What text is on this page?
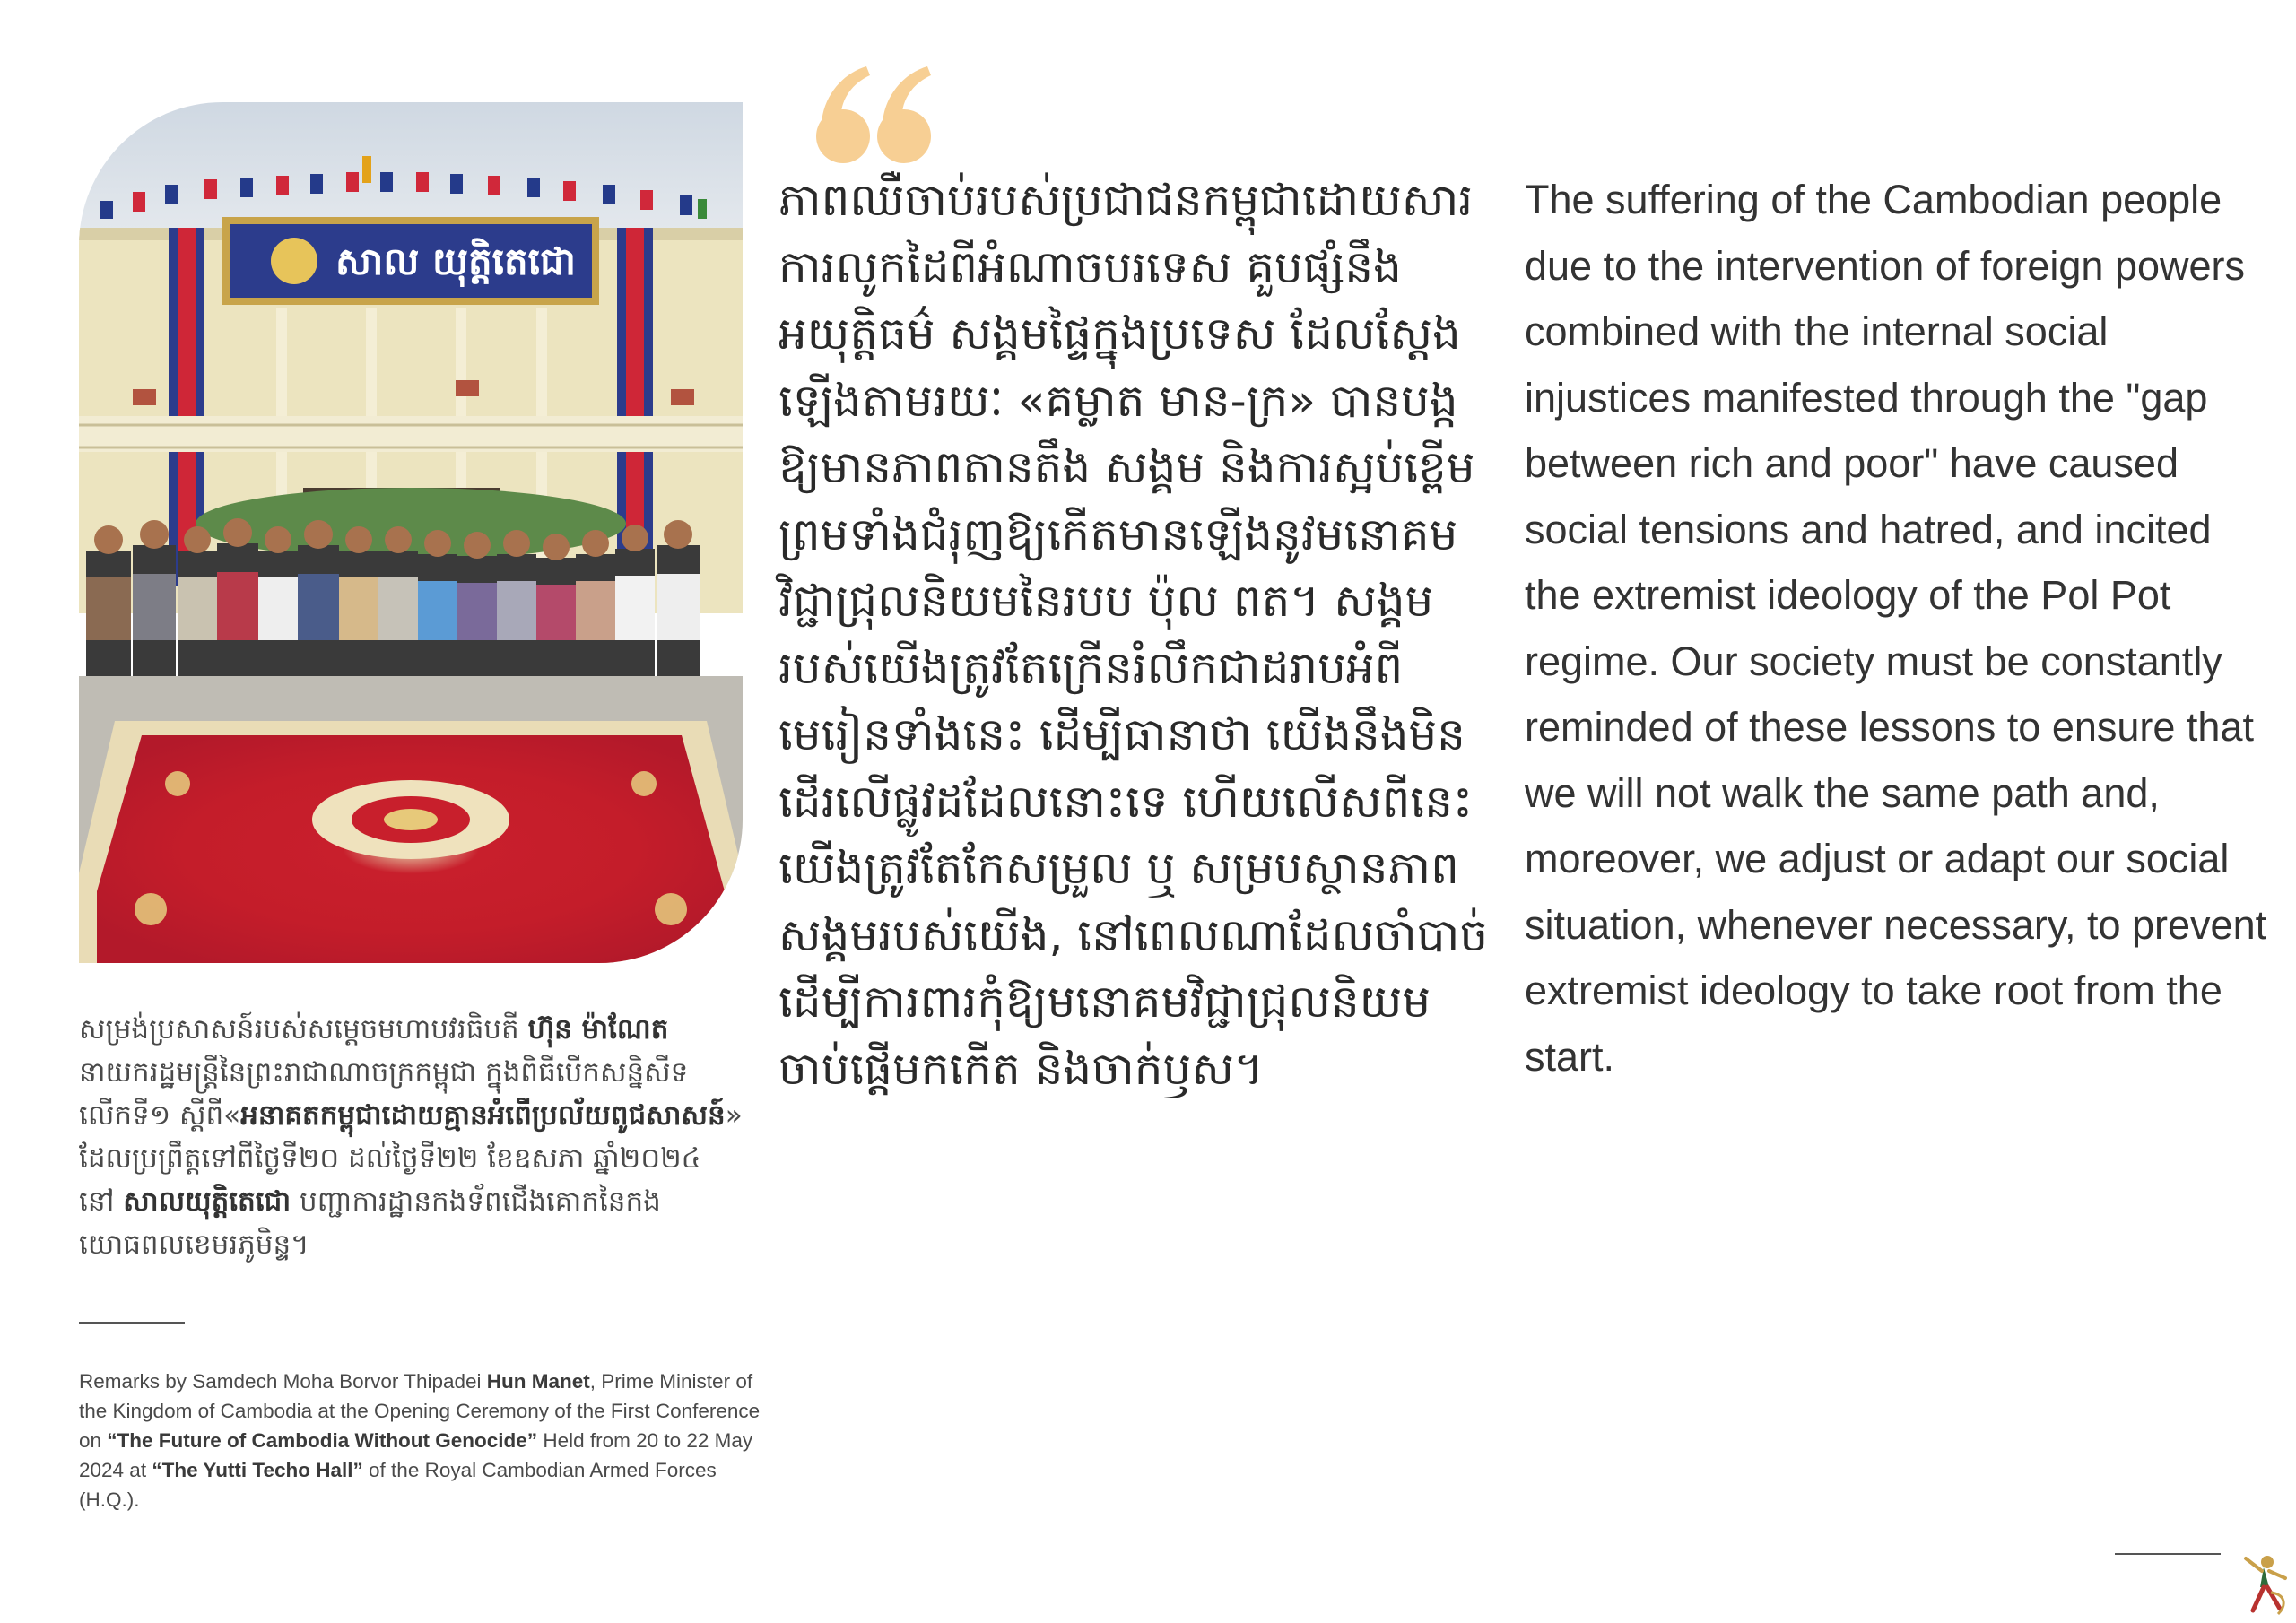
សាល យុត្តិតេជោ
សម្រង់ប្រសាសន៍របស់សម្តេចមហាបវរធិបតី ហ៊ុន ម៉ាណែត នាយករដ្ឋមន្ត្រីនៃព្រះរាជាណាចក្រកម្ពុជា ក្នុងពិធីបើកសន្និសីទលើកទី១ ស្តីពី«អនាគតកម្ពុជាដោយគ្មានអំពើប្រល័យពូជសាសន៍» ដែលប្រព្រឹត្តទៅពីថ្ងៃទី២០ ដល់ថ្ងៃទី២២ ខែឧសភា ឆ្នាំ២០២៤ នៅ សាលយុត្តិតេជោ បញ្ជាការដ្ឋានកងទ័ពជើងគោកនៃកងយោធពលខេមរភូមិន្ទ។
Remarks by Samdech Moha Borvor Thipadei Hun Manet, Prime Minister of the Kingdom of Cambodia at the Opening Ceremony of the First Conference on “The Future of Cambodia Without Genocide” Held from 20 to 22 May 2024 at “The Yutti Techo Hall” of the Royal Cambodian Armed Forces (H.Q.).
ភាពឈឺចាប់របស់ប្រជាជនកម្ពុជាដោយសារការលូកដៃពីអំណាចបរទេស គួបផ្សំនឹងអយុត្តិធម៌ សង្គមផ្ទៃក្នុងប្រទេស ដែលស្តែងឡើងតាមរយៈ «គម្លាត មាន-ក្រ» បានបង្កឱ្យមានភាពតានតឹង សង្គម និងការស្អប់ខ្ពើម ព្រមទាំងជំរុញឱ្យកើតមានឡើងនូវមនោគមវិជ្ជាជ្រុលនិយមនៃរបប ប៉ុល ពត។ សង្គមរបស់យើងត្រូវតែក្រើនរំលឹកជាដរាបអំពីមេរៀនទាំងនេះ ដើម្បីធានាថា យើងនឹងមិនដើរលើផ្លូវដដែលនោះទេ ហើយលើសពីនេះ យើងត្រូវតែកែសម្រួល ឬ សម្របស្ថានភាពសង្គមរបស់យើង, នៅពេលណាដែលចាំបាច់ ដើម្បីការពារកុំឱ្យមនោគមវិជ្ជាជ្រុលនិយមចាប់ផ្តើមកកើត និងចាក់ឫស។
The suffering of the Cambodian people due to the intervention of foreign powers combined with the internal social injustices manifested through the "gap between rich and poor" have caused social tensions and hatred, and incited the extremist ideology of the Pol Pot regime. Our society must be constantly reminded of these lessons to ensure that we will not walk the same path and, moreover, we adjust or adapt our social situation, whenever necessary, to prevent extremist ideology to take root from the start.
